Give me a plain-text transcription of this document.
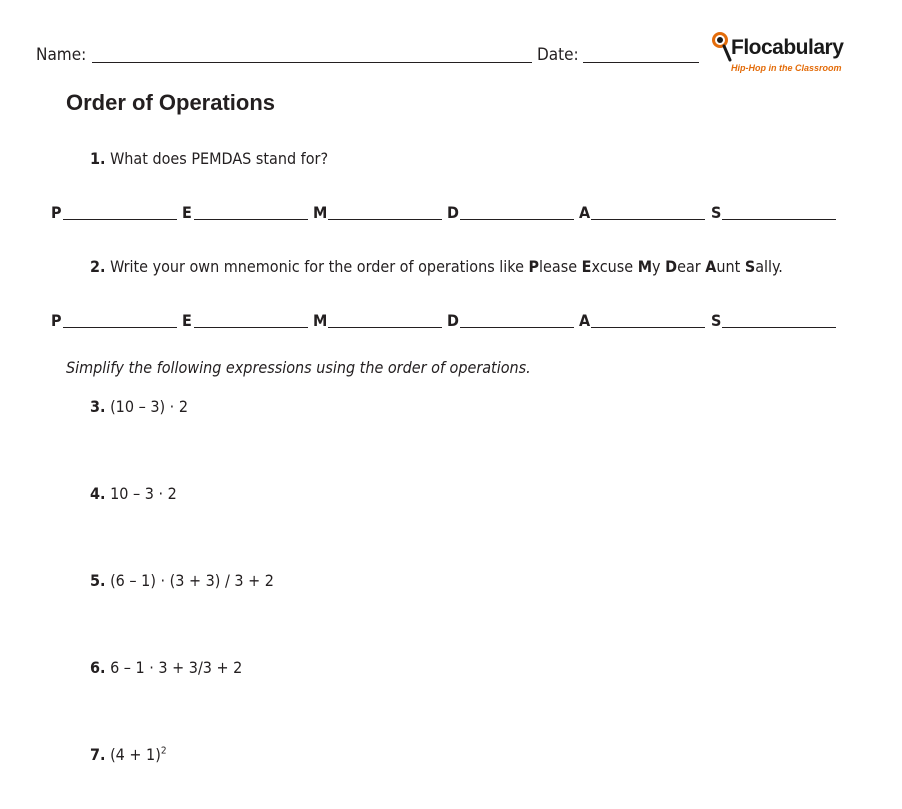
Name:	Date:	Flocabulary
Hip-Hop in the Classroom
Order of Operations
1. What does PEMDAS stand for?
P	E	M	D	A	S
2. Write your own mnemonic for the order of operations like Please Excuse My Dear Aunt Sally.
P	E	M	D	A	S
Simplify the following expressions using the order of operations.
3. (10 – 3) · 2
4. 10 – 3 · 2
5. (6 – 1) · (3 + 3) / 3 + 2
6. 6 – 1 · 3 + 3/3 + 2
7. $(4 + 1)^2$
